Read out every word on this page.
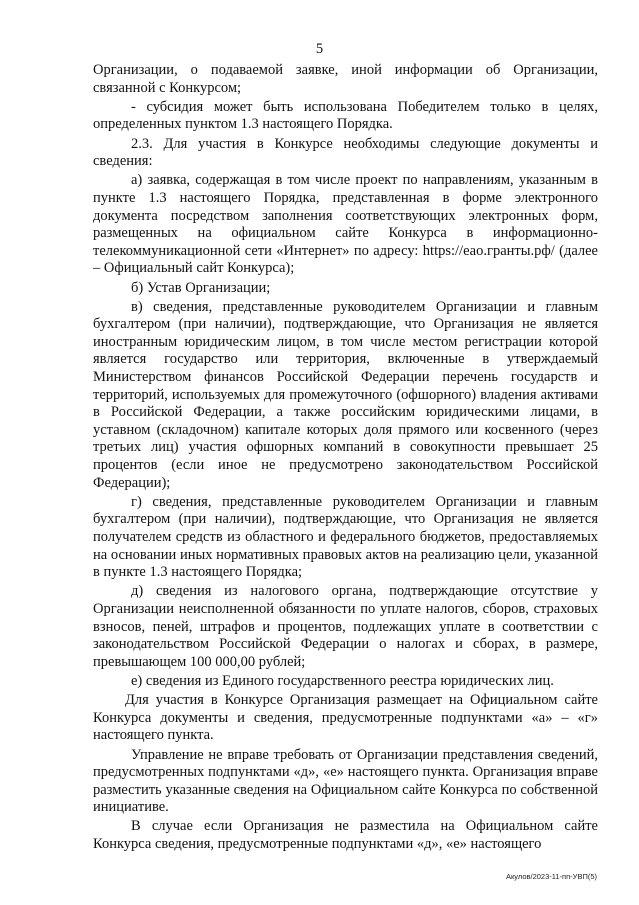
5

Организации, о подаваемой заявке, иной информации об Организации, связанной с Конкурсом;

- субсидия может быть использована Победителем только в целях, определенных пунктом 1.3 настоящего Порядка.

2.3. Для участия в Конкурсе необходимы следующие документы и сведения:

а) заявка, содержащая в том числе проект по направлениям, указанным в пункте 1.3 настоящего Порядка, представленная в форме электронного документа посредством заполнения соответствующих электронных форм, размещенных на официальном сайте Конкурса в информационно-телекоммуникационной сети «Интернет» по адресу: https://еао.гранты.рф/ (далее – Официальный сайт Конкурса);

б) Устав Организации;

в) сведения, представленные руководителем Организации и главным бухгалтером (при наличии), подтверждающие, что Организация не является иностранным юридическим лицом, в том числе местом регистрации которой является государство или территория, включенные в утверждаемый Министерством финансов Российской Федерации перечень государств и территорий, используемых для промежуточного (офшорного) владения активами в Российской Федерации, а также российским юридическими лицами, в уставном (складочном) капитале которых доля прямого или косвенного (через третьих лиц) участия офшорных компаний в совокупности превышает 25 процентов (если иное не предусмотрено законодательством Российской Федерации);

г) сведения, представленные руководителем Организации и главным бухгалтером (при наличии), подтверждающие, что Организация не является получателем средств из областного и федерального бюджетов, предоставляемых на основании иных нормативных правовых актов на реализацию цели, указанной в пункте 1.3 настоящего Порядка;

д) сведения из налогового органа, подтверждающие отсутствие у Организации неисполненной обязанности по уплате налогов, сборов, страховых взносов, пеней, штрафов и процентов, подлежащих уплате в соответствии с законодательством Российской Федерации о налогах и сборах, в размере, превышающем 100 000,00 рублей;

е) сведения из Единого государственного реестра юридических лиц.

Для участия в Конкурсе Организация размещает на Официальном сайте Конкурса документы и сведения, предусмотренные подпунктами «а» – «г» настоящего пункта.

Управление не вправе требовать от Организации представления сведений, предусмотренных подпунктами «д», «е» настоящего пункта. Организация вправе разместить указанные сведения на Официальном сайте Конкурса по собственной инициативе.

В случае если Организация не разместила на Официальном сайте Конкурса сведения, предусмотренные подпунктами «д», «е» настоящего

Акулов/2023-11-пп-УВП(5)
